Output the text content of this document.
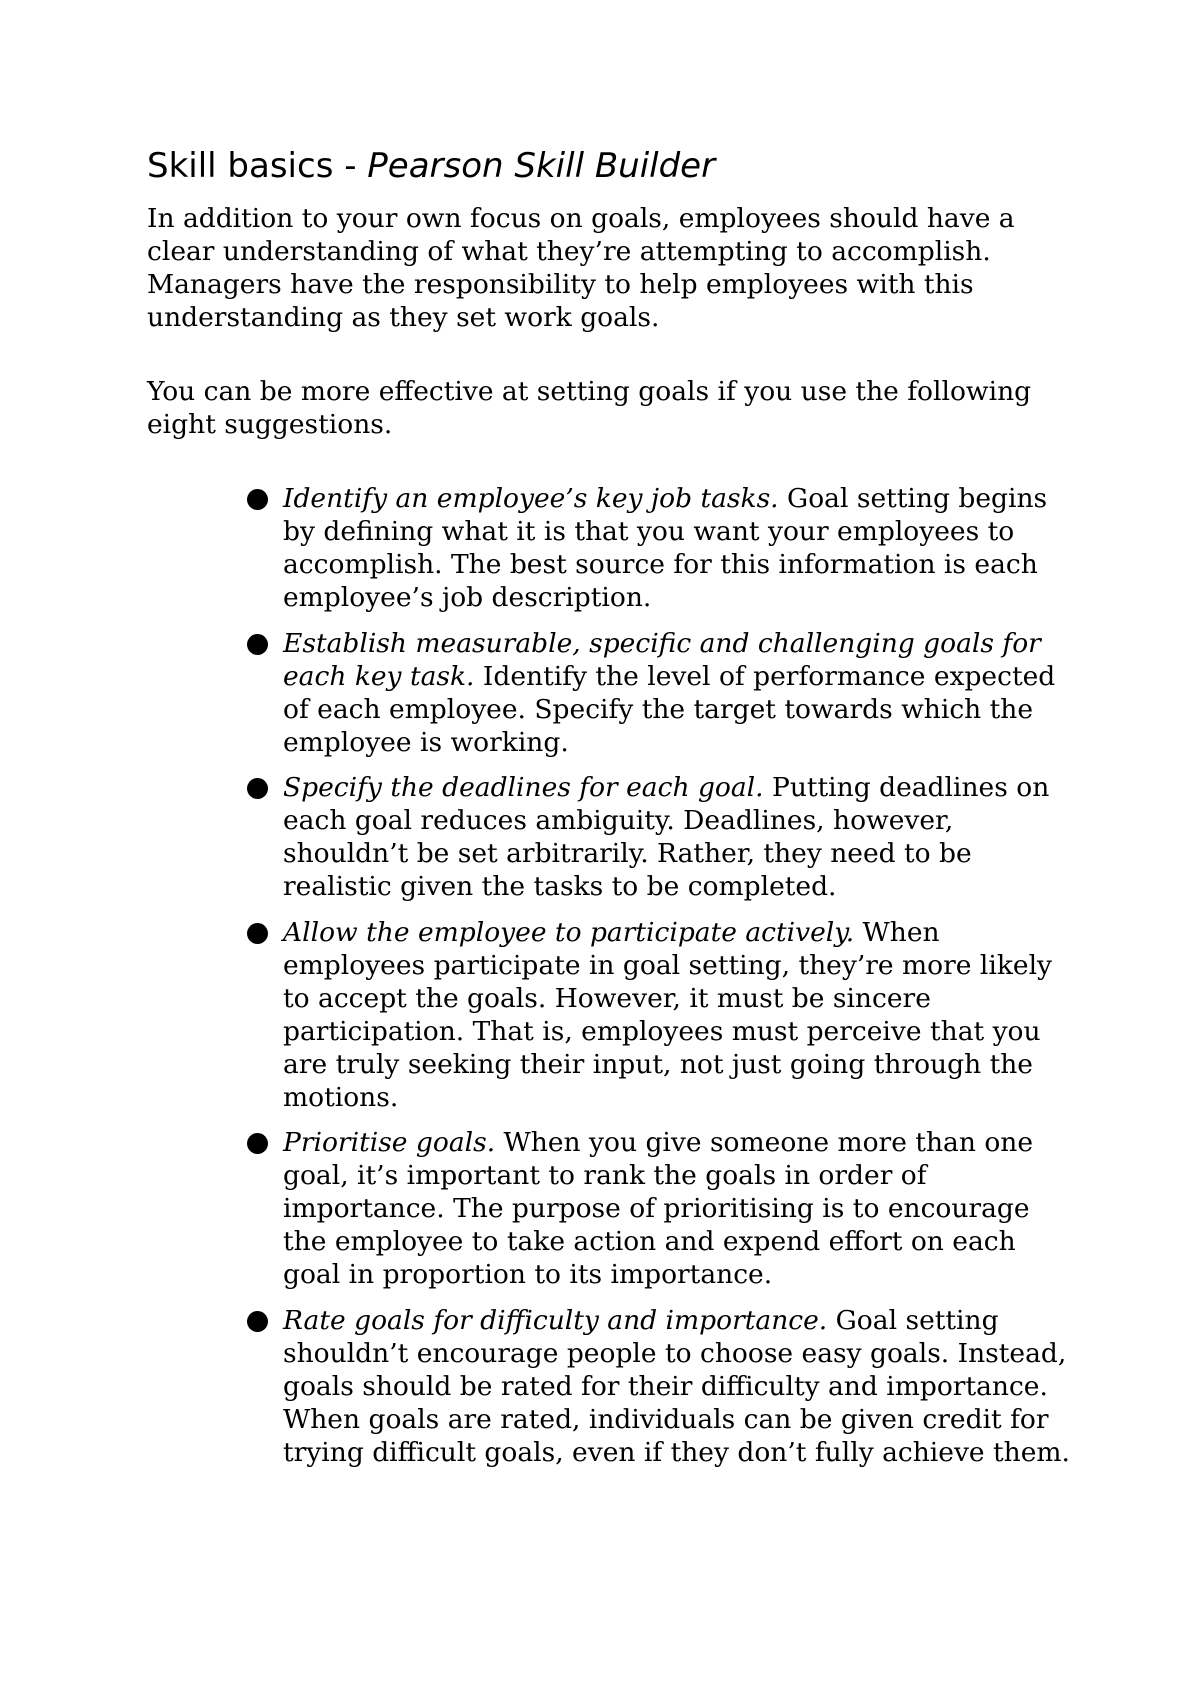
Skill basics - Pearson Skill Builder

In addition to your own focus on goals, employees should have a clear understanding of what they’re attempting to accomplish. Managers have the responsibility to help employees with this understanding as they set work goals.

You can be more effective at setting goals if you use the following eight suggestions.

Identify an employee’s key job tasks. Goal setting begins by defining what it is that you want your employees to accomplish. The best source for this information is each employee’s job description.

Establish measurable, specific and challenging goals for each key task. Identify the level of performance expected of each employee. Specify the target towards which the employee is working.

Specify the deadlines for each goal. Putting deadlines on each goal reduces ambiguity. Deadlines, however, shouldn’t be set arbitrarily. Rather, they need to be realistic given the tasks to be completed.

Allow the employee to participate actively. When employees participate in goal setting, they’re more likely to accept the goals. However, it must be sincere participation. That is, employees must perceive that you are truly seeking their input, not just going through the motions.

Prioritise goals. When you give someone more than one goal, it’s important to rank the goals in order of importance. The purpose of prioritising is to encourage the employee to take action and expend effort on each goal in proportion to its importance.

Rate goals for difficulty and importance. Goal setting shouldn’t encourage people to choose easy goals. Instead, goals should be rated for their difficulty and importance. When goals are rated, individuals can be given credit for trying difficult goals, even if they don’t fully achieve them.
